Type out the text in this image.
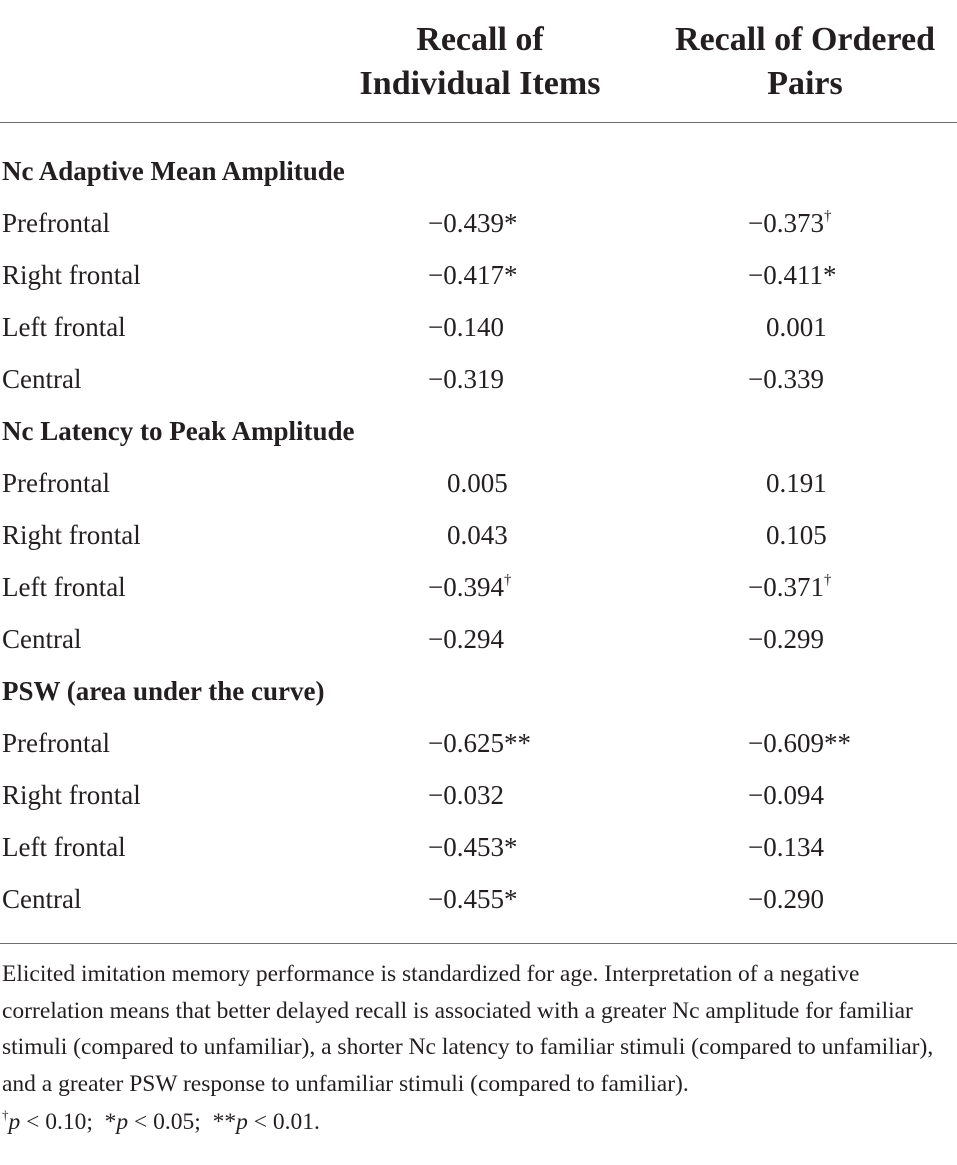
Recall of
Individual Items
Recall of Ordered
Pairs
Nc Adaptive Mean Amplitude
Prefrontal	−0.439*	−0.373†
Right frontal	−0.417*	−0.411*
Left frontal	−0.140	0.001
Central	−0.319	−0.339
Nc Latency to Peak Amplitude
Prefrontal	0.005	0.191
Right frontal	0.043	0.105
Left frontal	−0.394†	−0.371†
Central	−0.294	−0.299
PSW (area under the curve)
Prefrontal	−0.625**	−0.609**
Right frontal	−0.032	−0.094
Left frontal	−0.453*	−0.134
Central	−0.455*	−0.290
Elicited imitation memory performance is standardized for age. Interpretation of a negative correlation means that better delayed recall is associated with a greater Nc amplitude for familiar stimuli (compared to unfamiliar), a shorter Nc latency to familiar stimuli (compared to unfamiliar), and a greater PSW response to unfamiliar stimuli (compared to familiar).
†p < 0.10; *p < 0.05; **p < 0.01.
